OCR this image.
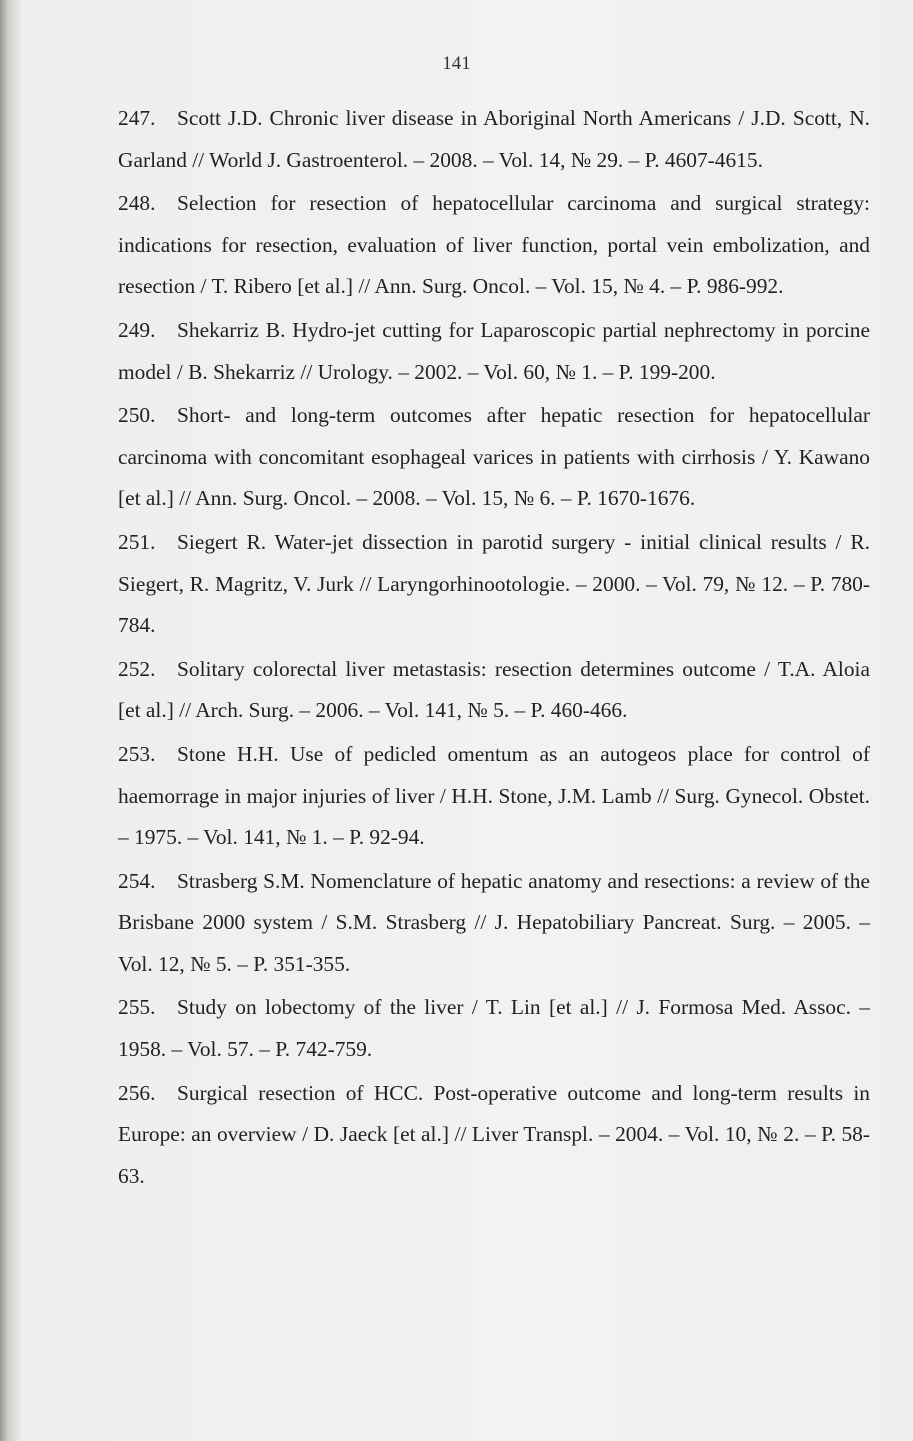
141
247. Scott J.D. Chronic liver disease in Aboriginal North Americans / J.D. Scott, N. Garland // World J. Gastroenterol. – 2008. – Vol. 14, № 29. – P. 4607-4615.
248. Selection for resection of hepatocellular carcinoma and surgical strategy: indications for resection, evaluation of liver function, portal vein embolization, and resection / T. Ribero [et al.] // Ann. Surg. Oncol. – Vol. 15, № 4. – P. 986-992.
249. Shekarriz B. Hydro-jet cutting for Laparoscopic partial nephrectomy in porcine model / B. Shekarriz // Urology. – 2002. – Vol. 60, № 1. – P. 199-200.
250. Short- and long-term outcomes after hepatic resection for hepatocellular carcinoma with concomitant esophageal varices in patients with cirrhosis / Y. Kawano [et al.] // Ann. Surg. Oncol. – 2008. – Vol. 15, № 6. – P. 1670-1676.
251. Siegert R. Water-jet dissection in parotid surgery - initial clinical results / R. Siegert, R. Magritz, V. Jurk // Laryngorhinootologie. – 2000. – Vol. 79, № 12. – P. 780-784.
252. Solitary colorectal liver metastasis: resection determines outcome / T.A. Aloia [et al.] // Arch. Surg. – 2006. – Vol. 141, № 5. – P. 460-466.
253. Stone H.H. Use of pedicled omentum as an autogeos place for control of haemorrage in major injuries of liver / H.H. Stone, J.M. Lamb // Surg. Gynecol. Obstet. – 1975. – Vol. 141, № 1. – P. 92-94.
254. Strasberg S.M. Nomenclature of hepatic anatomy and resections: a review of the Brisbane 2000 system / S.M. Strasberg // J. Hepatobiliary Pancreat. Surg. – 2005. – Vol. 12, № 5. – P. 351-355.
255. Study on lobectomy of the liver / T. Lin [et al.] // J. Formosa Med. Assoc. – 1958. – Vol. 57. – P. 742-759.
256. Surgical resection of HCC. Post-operative outcome and long-term results in Europe: an overview / D. Jaeck [et al.] // Liver Transpl. – 2004. – Vol. 10, № 2. – P. 58-63.
